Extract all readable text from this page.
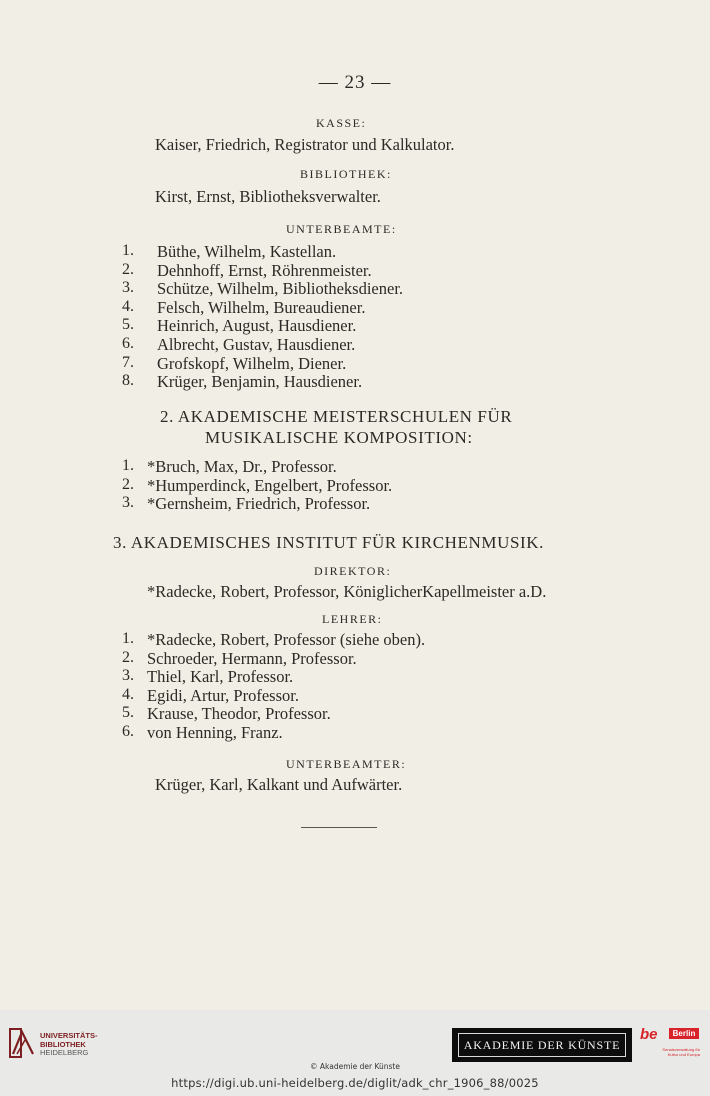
— 23 —
KASSE:
Kaiser, Friedrich, Registrator und Kalkulator.
BIBLIOTHEK:
Kirst, Ernst, Bibliotheksverwalter.
UNTERBEAMTE:
1. Büthe, Wilhelm, Kastellan.
2. Dehnhoff, Ernst, Röhrenmeister.
3. Schütze, Wilhelm, Bibliotheksdiener.
4. Felsch, Wilhelm, Bureaudiener.
5. Heinrich, August, Hausdiener.
6. Albrecht, Gustav, Hausdiener.
7. Grofskopf, Wilhelm, Diener.
8. Krüger, Benjamin, Hausdiener.
2. AKADEMISCHE MEISTERSCHULEN FÜR
MUSIKALISCHE KOMPOSITION:
1. *Bruch, Max, Dr., Professor.
2. *Humperdinck, Engelbert, Professor.
3. *Gernsheim, Friedrich, Professor.
3. AKADEMISCHES INSTITUT FÜR KIRCHENMUSIK.
DIREKTOR:
*Radecke, Robert, Professor, KöniglicherKapellmeister a.D.
LEHRER:
1. *Radecke, Robert, Professor (siehe oben).
2. Schroeder, Hermann, Professor.
3. Thiel, Karl, Professor.
4. Egidi, Artur, Professor.
5. Krause, Theodor, Professor.
6. von Henning, Franz.
UNTERBEAMTER:
Krüger, Karl, Kalkant und Aufwärter.
UNIVERSITÄTS-
BIBLIOTHEK
HEIDELBERG
AKADEMIE DER KÜNSTE
be	Berlin
Senatsverwaltung für Kultur und Europa
© Akademie der Künste
https://digi.ub.uni-heidelberg.de/diglit/adk_chr_1906_88/0025
